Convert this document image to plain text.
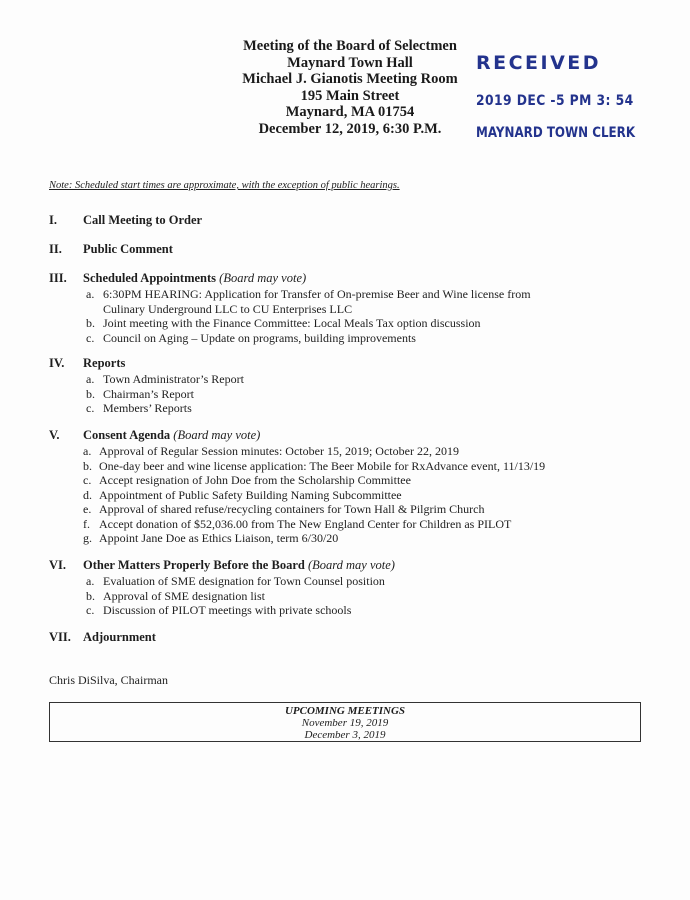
Meeting of the Board of Selectmen
Maynard Town Hall
Michael J. Gianotis Meeting Room
195 Main Street
Maynard, MA 01754
December 12, 2019, 6:30 P.M.
RECEIVED
2019 DEC -5 PM 3: 54
MAYNARD TOWN CLERK
Note: Scheduled start times are approximate, with the exception of public hearings.
I. Call Meeting to Order
II. Public Comment
III. Scheduled Appointments (Board may vote)
a. 6:30PM HEARING: Application for Transfer of On-premise Beer and Wine license from Culinary Underground LLC to CU Enterprises LLC
b. Joint meeting with the Finance Committee: Local Meals Tax option discussion
c. Council on Aging – Update on programs, building improvements
IV. Reports
a. Town Administrator’s Report
b. Chairman’s Report
c. Members’ Reports
V. Consent Agenda (Board may vote)
a. Approval of Regular Session minutes: October 15, 2019; October 22, 2019
b. One-day beer and wine license application: The Beer Mobile for RxAdvance event, 11/13/19
c. Accept resignation of John Doe from the Scholarship Committee
d. Appointment of Public Safety Building Naming Subcommittee
e. Approval of shared refuse/recycling containers for Town Hall & Pilgrim Church
f. Accept donation of $52,036.00 from The New England Center for Children as PILOT
g. Appoint Jane Doe as Ethics Liaison, term 6/30/20
VI. Other Matters Properly Before the Board (Board may vote)
a. Evaluation of SME designation for Town Counsel position
b. Approval of SME designation list
c. Discussion of PILOT meetings with private schools
VII. Adjournment
Chris DiSilva, Chairman
UPCOMING MEETINGS
November 19, 2019
December 3, 2019
